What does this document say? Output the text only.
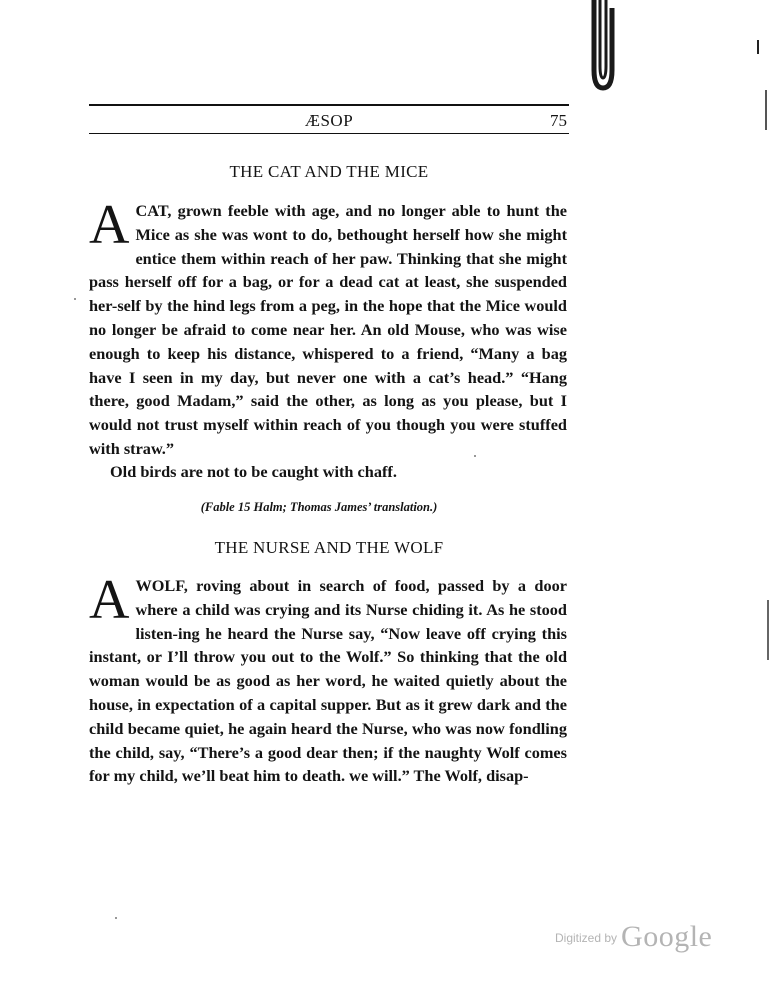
ÆSOP	75
THE CAT AND THE MICE

ACAT, grown feeble with age, and no longer able to hunt the Mice as she was wont to do, bethought herself how she might entice them within reach of her paw. Thinking that she might pass herself off for a bag, or for a dead cat at least, she suspended her-self by the hind legs from a peg, in the hope that the Mice would no longer be afraid to come near her. An old Mouse, who was wise enough to keep his distance, whispered to a friend, “Many a bag have I seen in my day, but never one with a cat’s head.” “Hang there, good Madam,” said the other, as long as you please, but I would not trust myself within reach of you though you were stuffed with straw.”

Old birds are not to be caught with chaff.
(Fable 15 Halm; Thomas James’ translation.)
THE NURSE AND THE WOLF

AWOLF, roving about in search of food, passed by a door where a child was crying and its Nurse chiding it. As he stood listen-ing he heard the Nurse say, “Now leave off crying this instant, or I’ll throw you out to the Wolf.” So thinking that the old woman would be as good as her word, he waited quietly about the house, in expectation of a capital supper. But as it grew dark and the child became quiet, he again heard the Nurse, who was now fondling the child, say, “There’s a good dear then; if the naughty Wolf comes for my child, we’ll beat him to death. we will.” The Wolf, disap-

$^{Digitized by}$ Google
